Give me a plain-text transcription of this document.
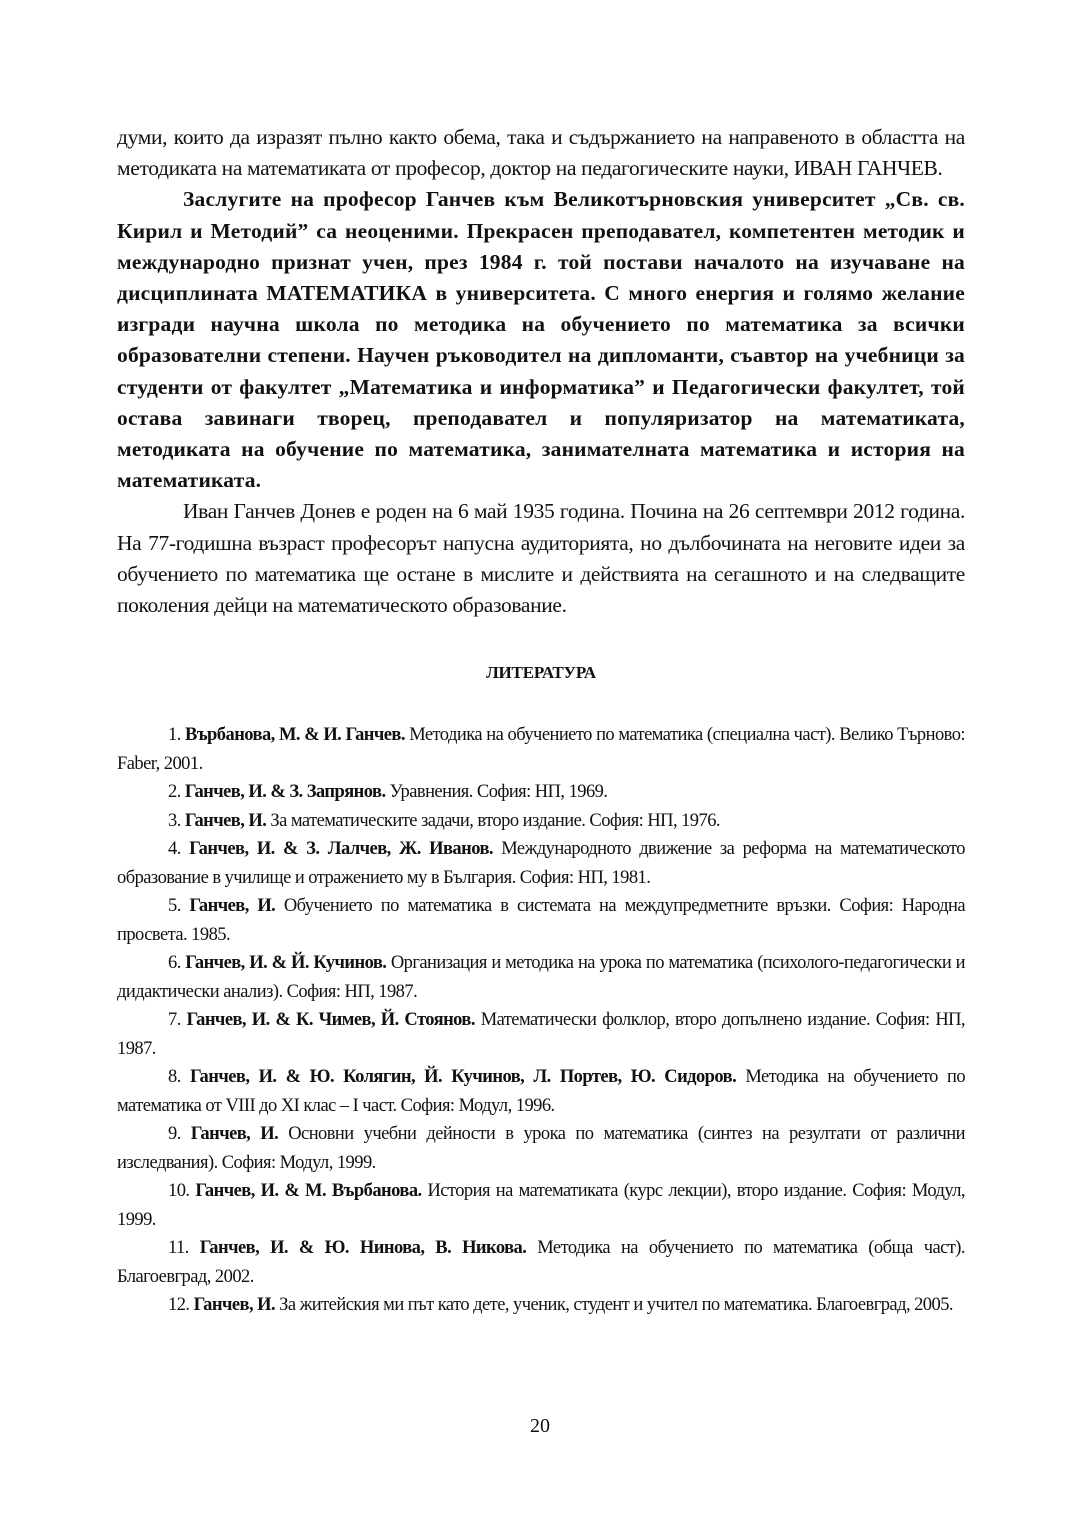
думи, които да изразят пълно както обема, така и съдържанието на направеното в областта на методиката на математиката от професор, доктор на педагогическите науки, ИВАН ГАНЧЕВ.

Заслугите на професор Ганчев към Великотърновския университет „Св. св. Кирил и Методий” са неоценими. Прекрасен преподавател, компетентен методик и международно признат учен, през 1984 г. той постави началото на изучаване на дисциплината МАТЕМАТИКА в университета. С много енергия и голямо желание изгради научна школа по методика на обучението по математика за всички образователни степени. Научен ръководител на дипломанти, съавтор на учебници за студенти от факултет „Математика и информатика” и Педагогически факултет, той остава завинаги творец, преподавател и популяризатор на математиката, методиката на обучение по математика, занимателната математика и история на математиката.

Иван Ганчев Донев е роден на 6 май 1935 година. Почина на 26 септември 2012 година. На 77-годишна възраст професорът напусна аудиторията, но дълбочината на неговите идеи за обучението по математика ще остане в мислите и действията на сегашното и на следващите поколения дейци на математическото образование.

ЛИТЕРАТУРА

1. Върбанова, М. & И. Ганчев. Методика на обучението по математика (специална част). Велико Търново: Faber, 2001.

2. Ганчев, И. & З. Запрянов. Уравнения. София: НП, 1969.

3. Ганчев, И. За математическите задачи, второ издание. София: НП, 1976.

4. Ганчев, И. & З. Лалчев, Ж. Иванов. Международното движение за реформа на математическото образование в училище и отражението му в България. София: НП, 1981.

5. Ганчев, И. Обучението по математика в системата на междупредметните връзки. София: Народна просвета. 1985.

6. Ганчев, И. & Й. Кучинов. Организация и методика на урока по математика (психолого-педагогически и дидактически анализ). София: НП, 1987.

7. Ганчев, И. & К. Чимев, Й. Стоянов. Математически фолклор, второ допълнено издание. София: НП, 1987.

8. Ганчев, И. & Ю. Колягин, Й. Кучинов, Л. Портев, Ю. Сидоров. Методика на обучението по математика от VIII до XI клас – I част. София: Модул, 1996.

9. Ганчев, И. Основни учебни дейности в урока по математика (синтез на резултати от различни изследвания). София: Модул, 1999.

10. Ганчев, И. & М. Върбанова. История на математиката (курс лекции), второ издание. София: Модул, 1999.

11. Ганчев, И. & Ю. Нинова, В. Никова. Методика на обучението по математика (обща част). Благоевград, 2002.

12. Ганчев, И. За житейския ми път като дете, ученик, студент и учител по математика. Благоевград, 2005.

20
